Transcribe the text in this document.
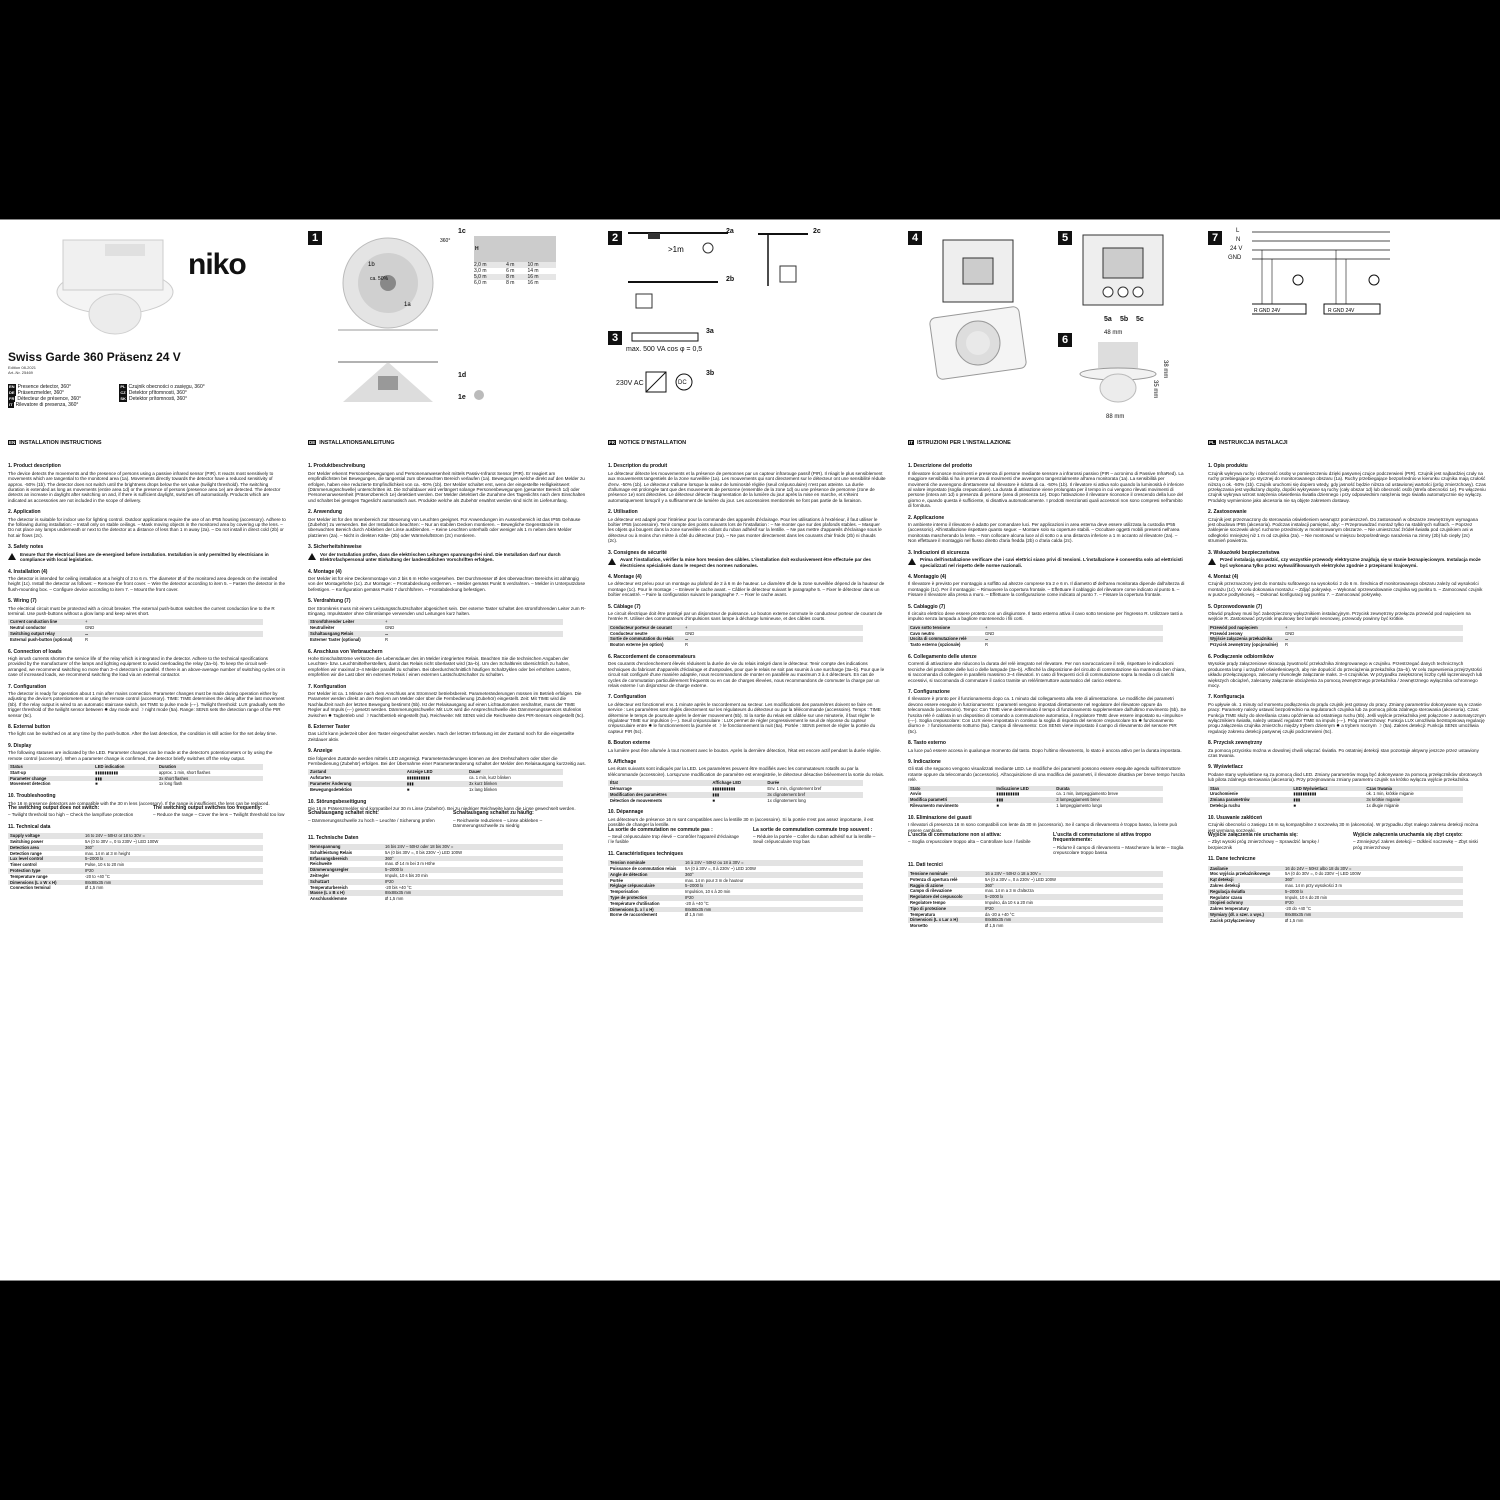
niko
Swiss Garde 360 Präsenz 24 V
Edition 08-2021
Art.-Nr. 25469
EN Presence detector, 360°
DE Präsenzmelder, 360°
FR Détecteur de présence, 360°
IT Rilevatore di presenza, 360°

PL Czujnik obecności o zasięgu, 360°
CZ Detektor přítomnosti, 360°
SK Detektor prítomnosti, 360°
1
1b
1a
360°
ca. 50%
1c
H		
2,0 m	4 m	10 m
3,0 m	6 m	14 m
5,0 m	8 m	16 m
6,0 m	8 m	16 m
1d
1e
2
>1m
2a
2b
2c
3
3a
max. 500 VA cos φ = 0,5
230V AC	DC
3b
4	5
5a 5b 5c
6
48 mm
38 mm
35 mm
88 mm
7
L
N
24 V
GND
R GND 24V	R GND 24V
EN INSTALLATION INSTRUCTIONS
1. Product description

The device detects the movements and the presence of persons using a passive infrared sensor (PIR). It reacts most sensitively to movements which are tangential to the monitored area (1a). Movements directly towards the detector have a reduced sensitivity of approx. -50% (1b). The detector does not switch until the brightness drops below the set value (twilight threshold). The switching duration is extended as long as movements (entire area 1d) or the presence of persons (presence area 1e) are detected. The detector detects an increase in daylight after switching on and, if there is sufficient daylight, switches off automatically. Products which are indicated as accessories are not included in the scope of delivery.

2. Application

The detector is suitable for indoor use for lighting control. Outdoor applications require the use of an IP55 housing (accessory). Adhere to the following during installation: – Install only on stable ceilings. – Mask moving objects in the monitored area by covering up the lens. – Do not place any lamps underneath or next to the detector at a distance of less than 1 m away (2a). – Do not install in direct cold (2b) or hot air flows (2c).

3. Safety notes

Ensure that the electrical lines are de-energised before installation. Installation is only permitted by electricians in compliance with local legislation.

4. Installation (4)

The detector is intended for ceiling installation at a height of 2 to 6 m. The diameter Ø of the monitored area depends on the installed height (1c). Install the detector as follows: – Remove the front cover. – Wire the detector according to item 5. – Fasten the detector in the flush-mounting box. – Configure device according to item 7. – Mount the front cover.

5. Wiring (7)

The electrical circuit must be protected with a circuit breaker. The external push-button switches the current conduction line to the R terminal. Use push-buttons without a glow lamp and keep wires short.

Current conduction line	+
Neutral conductor	GND
Switching output relay	⌴
External push-button (optional)	R
6. Connection of loads

High inrush currents shorten the service life of the relay which is integrated in the detector. Adhere to the technical specifications provided by the manufacturer of the lamps and lighting equipment to avoid overloading the relay (3a–b). To keep the circuit well-arranged, we recommend switching no more than 3–4 detectors in parallel. If there is an above-average number of switching cycles or in case of increased loads, we recommend switching the load via an external contactor.

7. Configuration

The detector is ready for operation about 1 min after mains connection. Parameter changes must be made during operation either by adjusting the device's potentiometers or using the remote control (accessory). TIME: TIME determines the delay after the last movement (5b). If the relay output is wired to an automatic staircase switch, set TIME to pulse mode (⌐⌐). Twilight threshold: LUX gradually sets the trigger threshold of the twilight sensor between ✸ day mode and ☽ night mode (5a). Range: SENS sets the detection range of the PIR sensor (5c).

8. External button

The light can be switched on at any time by the push-button. After the last detection, the condition is still active for the set delay time.

9. Display

The following statuses are indicated by the LED. Parameter changes can be made at the detector's potentiometers or by using the remote control (accessory). When a parameter change is confirmed, the detector briefly switches off the relay output.

Status	LED indication	Duration
Start-up	▮▮▮▮▮▮▮▮▮▮	approx. 1 min, short flashes
Parameter change	▮▮▮	3x short flashes
Movement detection	■	1x long flash
10. Troubleshooting

The 16 m presence detectors are compatible with the 30 m lens (accessory). If the range is insufficient, the lens can be replaced.

The switching output does not switch:

– Twilight threshold too high – Check the lamp/fuse protection

The switching output switches too frequently:

– Reduce the range – Cover the lens – Twilight threshold too low

11. Technical data
Supply voltage	16 to 24V – 50Hz or 18 to 30V =
Switching power	5A (0 to 30V =, 0 to 230V ~) LED 100W
Detection area	360°
Detection range	max. 14 m at 3 m height
Lux level control	5–2000 lx
Timer control	Pulse, 10 s to 20 min
Protection type	IP20
Temperature range	-20 to +40 °C
Dimensions (L x W x H)	88x88x35 mm
Connection terminal	Ø 1,5 mm
DE INSTALLATIONSANLEITUNG
1. Produktbeschreibung

Der Melder erkennt Personenbewegungen und Personenanwesenheit mittels Passiv-Infrarot Sensor (PIR). Er reagiert am empfindlichsten bei Bewegungen, die tangential zum überwachten Bereich verlaufen (1a). Bewegungen welche direkt auf den Melder zu erfolgen, haben eine reduzierte Empfindlichkeit von ca. -50% (1b). Der Melder schaltet erst, wenn der eingestellte Helligkeitswert (Dämmerungsschwelle) unterschritten ist. Die Schaltdauer wird verlängert solange Personenbewegungen (gesamter Bereich 1d) oder Personenanwesenheit (Präsenzbereich 1e) detektiert werden. Der Melder detektiert die Zunahme des Tageslichts nach dem Einschalten und schaltet bei genügen Tageslicht automatisch aus. Produkte welche als Zubehör erwähnt werden sind nicht im Lieferumfang.

2. Anwendung

Der Melder ist für den Innenbereich zur Steuerung von Leuchten geeignet. Für Anwendungen im Aussenbereich ist das IP55 Gehäuse (Zubehör) zu verwenden. Bei der Installation beachten: – Nur an stabilen Decken montieren. – Bewegliche Gegenstände im überwachten Bereich durch Abkleben der Linse ausblenden. – Keine Leuchten unterhalb oder weniger als 1 m neben dem Melder platzieren (2a). – Nicht in direkten Kälte- (2b) oder Wärmeluftstrom (2c) montieren.

3. Sicherheitshinweise

Vor der Installation prüfen, dass die elektrischen Leitungen spannungsfrei sind. Die Installation darf nur durch Elektrofachpersonal unter Einhaltung der landesüblichen Vorschriften erfolgen.

4. Montage (4)

Der Melder ist für eine Deckenmontage von 2 bis 6 m Höhe vorgesehen. Der Durchmesser Ø des überwachten Bereichs ist abhängig von der Montagehöhe (1c). Zur Montage: – Frontabdeckung entfernen. – Melder gemäss Punkt 5 verdrahten. – Melder in Unterputzdose befestigen. – Konfiguration gemäss Punkt 7 durchführen. – Frontabdeckung befestigen.

5. Verdrahtung (7)

Der Stromkreis muss mit einem Leistungsschutzschalter abgesichert sein. Der externe Taster schaltet den stromführenden Leiter zum R-Eingang. Impulstaster ohne Glimmlampe verwenden und Leitungen kurz halten.

Stromführender Leiter	+
Neutralleiter	GND
Schaltausgang Relais	⌴
Externer Taster (optional)	R
6. Anschluss von Verbrauchern

Hohe Einschaltströme verkürzen die Lebensdauer des im Melder integrierten Relais. Beachten Sie die technischen Angaben der Leuchten- bzw. Leuchtmittelherstellers, damit das Relais nicht überlastet wird (3a–b). Um den Schaltkreis übersichtlich zu halten, empfehlen wir maximal 3–4 Melder parallel zu schalten. Bei überdurchschnittlich häufigen Schaltzyklen oder bei erhöhten Lasten, empfehlen wir die Last über ein externes Relais / einen externen Lastschutzschalter zu schalten.

7. Konfiguration

Der Melder ist ca. 1 Minute nach dem Anschluss ans Stromnetz betriebsbereit. Parameteränderungen müssen im Betrieb erfolgen. Die Parameter werden direkt an den Reglern am Melder oder über die Fernbedienung (Zubehör) eingestellt. Zeit: Mit TIME wird die Nachlaufzeit nach der letzten Bewegung bestimmt (5b). Ist der Relaisausgang auf einen Lichtautomaten verdrahtet, muss der TIME Regler auf Impuls (⌐⌐) gesetzt werden. Dämmerungsschwelle: Mit LUX wird die Ansprechschwelle des Dämmerungssensors stufenlos zwischen ✸ Tagbetrieb und ☽ Nachtbetrieb eingestellt (5a). Reichweite: Mit SENS wird die Reichweite des PIR-Sensors eingestellt (5c).

8. Externer Taster

Das Licht kann jederzeit über den Taster eingeschaltet werden. Nach der letzten Erfassung ist der Zustand noch für die eingestellte Zeitdauer aktiv.

9. Anzeige

Die folgenden Zustände werden mittels LED angezeigt. Parameteränderungen können an den Drehschaltern oder über die Fernbedienung (Zubehör) erfolgen. Bei der Übernahme einer Parameteränderung schaltet der Melder den Relaisausgang kurzzeitig aus.

Zustand	Anzeige LED	Dauer
Aufstarten	▮▮▮▮▮▮▮▮▮▮	ca. 1 min, kurz blinken
Parameter Änderung	▮▮▮	3x kurz blinken
Bewegungsdetektion	■	1x lang blinken
10. Störungsbeseitigung

Die 16 m Präsenzmelder sind kompatibel zur 30 m Linse (Zubehör). Bei zu niedriger Reichweite kann die Linse gewechselt werden.

Schaltausgang schaltet nicht:

– Dämmerungsschwelle zu hoch – Leuchte / Sicherung prüfen

Schaltausgang schaltet zu häufig:

– Reichweite reduzieren – Linse abkleben – Dämmerungsschwelle zu niedrig

11. Technische Daten
Nennspannung	16 bis 24V – 50Hz oder 18 bis 30V =
Schaltleistung Relais	5A (0 bis 30V =, 0 bis 230V ~) LED 100W
Erfassungsbereich	360°
Reichweite	max. Ø 14 m bei 3 m Höhe
Dämmerungsregler	5–2000 lx
Zeitregler	Impuls, 10 s bis 20 min
Schutzart	IP20
Temperaturbereich	-20 bis +40 °C
Masse (L x B x H)	88x88x35 mm
Anschlussklemme	Ø 1,5 mm
FR NOTICE D'INSTALLATION
1. Description du produit

Le détecteur détecte les mouvements et la présence de personnes par un capteur infrarouge passif (PIR). Il réagit le plus sensiblement aux mouvements tangentiels de la zone surveillée (1a). Les mouvements qui sont directement sur le détecteur ont une sensibilité réduite d'env. -50% (1b). Le détecteur s'allume lorsque la valeur de luminosité réglée (seuil crépusculaire) n'est pas atteinte. La durée d'allumage est prolongée tant que des mouvements de personne (ensemble de la zone 1d) ou une présence de personne (zone de présence 1e) sont détectées. Le détecteur détecte l'augmentation de la lumière du jour après la mise en marche, et s'éteint automatiquement lorsqu'il y a suffisamment de lumière du jour. Les accessoires mentionnés ne font pas partie de la livraison.

2. Utilisation

Le détecteur est adapté pour l'intérieur pour la commande des appareils d'éclairage. Pour les utilisations à l'extérieur, il faut utiliser le boîtier IP55 (accessoire). Tenir compte des points suivants lors de l'installation : – Ne monter que sur des plafonds stables. – Masquer les objets qui bougent dans la zone surveillée en collant du ruban adhésif sur la lentille. – Ne pas mettre d'appareils d'éclairage sous le détecteur ou à moins d'un mètre à côté du détecteur (2a). – Ne pas monter directement dans les courants d'air froids (2b) ni chauds (2c).

3. Consignes de sécurité

Avant l'installation, vérifier la mise hors tension des câbles. L'installation doit exclusivement être effectuée par des électriciens spécialisés dans le respect des normes nationales.

4. Montage (4)

Le détecteur est prévu pour un montage au plafond de 2 à 6 m de hauteur. Le diamètre Ø de la zone surveillée dépend de la hauteur de montage (1c). Pour le montage : – Enlever le cache avant. – Câbler le détecteur suivant le paragraphe 5. – Fixer le détecteur dans un boîtier encastré. – Faire la configuration suivant le paragraphe 7. – Fixer le cache avant.

5. Câblage (7)

Le circuit électrique doit être protégé par un disjoncteur de puissance. Le bouton externe commute le conducteur porteur de courant de l'entrée R. Utiliser des commutateurs d'impulsions sans lampe à décharge lumineuse, et des câbles courts.

Conducteur porteur de courant	+
Conducteur neutre	GND
Sortie de commutation du relais	⌴
Bouton externe (en option)	R
6. Raccordement de consommateurs

Des courants d'enclenchement élevés réduisent la durée de vie du relais intégré dans le détecteur. Tenir compte des indications techniques du fabricant d'appareils d'éclairage et d'ampoules, pour que le relais ne soit pas soumis à une surcharge (3a–b). Pour que le circuit soit configuré d'une manière adaptée, nous recommandons de monter en parallèle au maximum 3 à 4 détecteurs. En cas de cycles de commutation particulièrement fréquents ou en cas de charges élevées, nous recommandons de commuter la charge par un relais externe / un disjoncteur de charge externe.

7. Configuration

Le détecteur est fonctionnel env. 1 minute après le raccordement au secteur. Les modifications des paramètres doivent se faire en service : Les paramètres sont réglés directement sur les régulateurs du détecteur ou par la télécommande (accessoire). Temps : TIME détermine le temps de poursuite après le dernier mouvement (5b). Si la sortie du relais est câblée sur une minuterie, il faut régler le régulateur TIME sur impulsion (⌐⌐). Seuil crépusculaire : LUX permet de régler progressivement le seuil de réponse du capteur crépusculaire entre ✸ le fonctionnement la journée et ☽ le fonctionnement la nuit (5a). Portée : SENS permet de régler la portée du capteur PIR (5c).

8. Bouton externe

La lumière peut être allumée à tout moment avec le bouton. Après la dernière détection, l'état est encore actif pendant la durée réglée.

9. Affichage

Les états suivants sont indiqués par la LED. Les paramètres peuvent être modifiés avec les commutateurs rotatifs ou par la télécommande (accessoire). Lorsqu'une modification de paramètre est enregistrée, le détecteur désactive brièvement la sortie du relais.

État	Affichage LED	Durée
Démarrage	▮▮▮▮▮▮▮▮▮▮	Env. 1 min, clignotement bref
Modification des paramètres	▮▮▮	3x clignotement bref
Détection de mouvements	■	1x clignotement long
10. Dépannage

Les détecteurs de présence 16 m sont compatibles avec la lentille 30 m (accessoire). Si la portée n'est pas assez importante, il est possible de changer la lentille.

La sortie de commutation ne commute pas :

– Seuil crépusculaire trop élevé – Contrôler l'appareil d'éclairage / le fusible

La sortie de commutation commute trop souvent :

– Réduire la portée – Coller du ruban adhésif sur la lentille – Seuil crépusculaire trop bas

11. Caractéristiques techniques
Tension nominale	16 à 24V – 50Hz ou 18 à 30V =
Puissance de commutation relais	5A (0 à 30V =, 0 à 230V ~) LED 100W
Angle de détection	360°
Portée	max. 14 m pour 3 m de hauteur
Réglage crépusculaire	5–2000 lx
Temporisation	Impulsion, 10 s à 20 min
Type de protection	IP20
Température d'utilisation	-20 à +40 °C
Dimensions (L x l x H)	88x88x35 mm
Borne de raccordement	Ø 1,5 mm
IT ISTRUZIONI PER L'INSTALLAZIONE
1. Descrizione del prodotto

Il rilevatore riconosce movimenti e presenza di persone mediante sensore a infrarossi passivo (PIR – acronimo di Passive InfraRed). La maggiore sensibilità si ha in presenza di movimenti che avvengono tangenzialmente all'area monitorata (1a). La sensibilità per movimenti che avvengono direttamente sul rilevatore è ridotta di ca. -50% (1b). Il rilevatore si attiva solo quando la luminosità è inferiore al valore impostato (soglia crepuscolare). La durata di attivazione viene prolungata per il tempo in cui vengono rilevati movimenti di persone (intera am 1d) o presenza di persone (area di presenza 1e). Dopo l'attivazione il rilevatore riconosce il crescendo della luce del giorno e, quando questa è sufficiente, si disattiva automaticamente. I prodotti menzionati quali accessori non sono compresi nell'ambito di fornitura.

2. Applicazione

In ambiente interno il rilevatore è adatto per comandare luci. Per applicazioni in area esterna deve essere utilizzata la custodia IP55 (accessorio). All'installazione rispettare quanto segue: – Montare solo su coperture stabili. – Occultare oggetti mobili presenti nell'area monitorata mascherando la lente. – Non collocare alcuna luce al di sotto o a una distanza inferiore a 1 m accanto al rilevatore (2a). – Non effettuare il montaggio nel flusso diretto d'aria fredda (2b) o d'aria calda (2c).

3. Indicazioni di sicurezza

Prima dell'installazione verificare che i cavi elettrici siano privi di tensioni. L'installazione è consentita solo ad elettricisti specializzati nel rispetto delle norme nazionali.

4. Montaggio (4)

Il rilevatore è previsto per montaggio a soffitto ad altezze comprese tra 2 e 6 m. Il diametro Ø dell'area monitorata dipende dall'altezza di montaggio (1c). Per il montaggio: – Rimuovere la copertura frontale. – Effettuare il cablaggio del rilevatore come indicato al punto 5. – Fissare il rilevatore alla presa a muro. – Effettuare la configurazione come indicato al punto 7. – Fissare la copertura frontale.

5. Cablaggio (7)

Il circuito elettrico deve essere protetto con un disgiuntore. Il tasto esterno attiva il cavo sotto tensione per l'ingresso R. Utilizzare tasti a impulso senza lampada a bagliore mantenendo i fili corti.

Cavo sotto tensione	+
Cavo neutro	GND
Uscita di commutazione relè	⌴
Tasto esterno (opzionale)	R
6. Collegamento delle utenze

Correnti di attivazione alte riducono la durata del relè integrato nel rilevatore. Per non sovraccaricare il relè, rispettare le indicazioni tecniche del produttore delle luci o delle lampade (3a–b). Affinché la disposizione del circuito di commutazione sia mantenuta ben chiara, si raccomanda di collegare in parallelo massimo 3–4 rilevatori. In caso di frequenti cicli di commutazione sopra la media o di carichi eccessivi, si raccomanda di commutare il carico tramite un relè/interruttore automatico del carico esterno.

7. Configurazione

Il rilevatore è pronto per il funzionamento dopo ca. 1 minuto dal collegamento alla rete di alimentazione. Le modifiche dei parametri devono essere eseguite in funzionamento: I parametri vengono impostati direttamente nel regolatore del rilevatore oppure da telecomando (accessorio). Tempo: Con TIME viene determinato il tempo di funzionamento supplementare dall'ultimo movimento (5b). Se l'uscita relè è cablata in un dispositivo di comando a commutazione automatica, il regolatore TIME deve essere impostato su «impulso» (⌐⌐). Soglia crepuscolare: Con LUX viene impostata in continuo la soglia di risposta del sensore crepuscolare tra ✸ funzionamento diurno e ☽ funzionamento notturno (5a). Campo di rilevamento: Con SENS viene impostato il campo di rilevamento del sensore PIR (5c).

8. Tasto esterno

La luce può essere accesa in qualunque momento dal tasto. Dopo l'ultimo rilevamento, lo stato è ancora attivo per la durata impostata.

9. Indicazione

Gli stati che seguono vengono visualizzati mediante LED. Le modifiche dei parametri possono essere eseguite agendo sull'interruttore rotante oppure da telecomando (accessorio). All'acquisizione di una modifica dei parametri, il rilevatore disattiva per breve tempo l'uscita relè.

Stato	Indicazione LED	Durata
Avvio	▮▮▮▮▮▮▮▮▮▮	ca. 1 min, lampeggiamento breve
Modifica parametri	▮▮▮	3 lampeggiamenti brevi
Rilevamento movimento	■	1 lampeggiamento lungo
10. Eliminazione dei guasti

I rilevatori di presenza 16 m sono compatibili con lente da 30 m (accessorio). Se il campo di rilevamento è troppo basso, la lente può essere cambiata.

L'uscita di commutazione non si attiva:

– Soglia crepuscolare troppo alta – Controllare luce / fusibile

L'uscita di commutazione si attiva troppo frequentemente:

– Ridurre il campo di rilevamento – Mascherare la lente – Soglia crepuscolare troppo bassa

11. Dati tecnici
Tensione nominale	16 a 24V – 50Hz o 18 a 30V =
Potenza di apertura relè	5A (0 a 30V =, 0 a 230V ~) LED 100W
Raggio di azione	360°
Campo di rilevazione	max. 14 m a 3 m d'altezza
Regolatore del crepuscolo	5–2000 lx
Regolatore tempo	Impulso, da 10 s a 20 min
Tipo di protezione	IP20
Temperatura	da -20 a +40 °C
Dimensioni (L x Lar x H)	88x88x35 mm
Morsetto	Ø 1,5 mm
PL INSTRUKCJA INSTALACJI
1. Opis produktu

Czujnik wykrywa ruchy i obecność osoby w pomieszczeniu dzięki pasywnej czujce podczerwieni (PIR). Czujnik jest najbardziej czuły na ruchy przebiegające po stycznej do monitorowanego obszaru (1a). Ruchy przebiegające bezpośrednio w kierunku czujnika mają czułość niższą o ok. -50% (1b). Czujnik uruchomi się dopiero wtedy, gdy jasność będzie niższa od ustawionej wartości (próg zmierzchowy). Czas przełączania jest wydłużany dopóty, dopóki wykrywane są ruchy (cały obszar 1d) lub obecność osób (strefa obecności 1e). Po włączeniu czujnik wykrywa wzrost natężenia oświetlenia światła dziennego i przy odpowiednim natężeniu tego światła automatycznie się wyłączy. Produkty wymienione jako akcesoria nie są objęte zakresem dostawy.

2. Zastosowanie

Czujnik jest przeznaczony do sterowania oświetleniem wewnątrz pomieszczeń. Do zastosowań w obszarze zewnętrznym wymagana jest obudowa IP55 (akcesoria). Podczas instalacji pamiętać, aby: – Przeprowadzać montaż tylko na stabilnych sufitach. – Poprzez zaklejenie soczewki ukryć ruchome przedmioty w monitorowanym obszarze. – Nie umieszczać źródeł światła pod czujnikiem ani w odległości mniejszej niż 1 m od czujnika (2a). – Nie montować w miejscu bezpośredniego narażenia na zimny (2b) lub ciepły (2c) strumień powietrza.

3. Wskazówki bezpieczeństwa

Przed instalacją sprawdzić, czy wszystkie przewody elektryczne znajdują się w stanie beznapięciowym. Instalacja może być wykonana tylko przez wykwalifikowanych elektryków zgodnie z przepisami krajowymi.

4. Montaż (4)

Czujnik przeznaczony jest do montażu sufitowego na wysokości 2 do 6 m. Średnica Ø monitorowanego obszaru zależy od wysokości montażu (1c). W celu dokonania montażu: – Zdjąć pokrywkę. – Wykonać oprzewodowanie czujnika wg punktu 5. – Zamocować czujnik w puszce podtynkowej. – Dokonać konfiguracji wg punktu 7. – Zamocować pokrywkę.

5. Oprzewodowanie (7)

Obwód prądowy musi być zabezpieczony wyłącznikiem instalacyjnym. Przycisk zewnętrzny przełącza przewód pod napięciem na wejście R. Zastosować przycisk impulsowy bez lampki neonowej, przewody powinny być krótkie.

Przewód pod napięciem	+
Przewód zerowy	GND
Wyjście załączenia przekaźnika	⌴
Przycisk zewnętrzny (opcjonalnie)	R
6. Podłączenie odbiorników

Wysokie prądy załączeniowe skracają żywotność przekaźnika zintegrowanego w czujniku. Przestrzegać danych technicznych producenta lamp i urządzeń oświetleniowych, aby nie dopuścić do przeciążenia przekaźnika (3a–b). W celu zapewnienia przejrzystości układu przełączającego, zalecamy równoległe załączanie maks. 3–4 czujników. W przypadku zwiększonej liczby cykli łączeniowych lub większych obciążeń, zalecamy załączanie obciążenia za pomocą zewnętrznego przekaźnika / zewnętrznego wyłącznika ochronnego mocy.

7. Konfiguracja

Po upływie ok. 1 minuty od momentu podłączenia do prądu czujnik jest gotowy do pracy. Zmiany parametrów dokonywane są w czasie pracy: Parametry należy ustawić bezpośrednio na regulatorach czujnika lub za pomocą pilota zdalnego sterowania (akcesoria). Czas: Funkcja TIME służy do określania czasu opóźnienia od ostatniego ruchu (5b). Jeśli wyjście przekaźnika jest połączone z automatycznym wyłącznikiem światła, należy ustawić regulator TIME na impuls (⌐⌐). Próg zmierzchowy: Funkcja LUX umożliwia bezstopniową regulację progu załączenia czujnika zmierzchu między trybem dziennym ✸ a trybem nocnym ☽ (5a). Zakres detekcji: Funkcja SENS umożliwia regulację zakresu detekcji pasywnej czujki podczerwieni (5c).

8. Przycisk zewnętrzny

Za pomocą przycisku można w dowolnej chwili włączać światła. Po ostatniej detekcji stan pozostaje aktywny jeszcze przez ustawiony czas trwania.

9. Wyświetlacz

Podane stany wyświetlane są za pomocą diod LED. Zmiany parametrów mogą być dokonywane za pomocą przełączników obrotowych lub pilota zdalnego sterowania (akcesoria). Przy przejmowaniu zmiany parametru czujnik na krótko wyłącza wyjście przekaźnika.

Stan	LED Wyświetlacz	Czas trwania
Uruchomienie	▮▮▮▮▮▮▮▮▮▮	ok. 1 min, krótkie miganie
Zmiana parametrów	▮▮▮	3x krótkie miganie
Detekcja ruchu	■	1x długie miganie
10. Usuwanie zakłóceń

Czujniki obecności o zasięgu 16 m są kompatybilne z soczewką 30 m (akcesoria). W przypadku zbyt małego zakresu detekcji można jest wymiana soczewki.

Wyjście załączenia nie uruchamia się:

– Zbyt wysoki próg zmierzchowy – Sprawdzić lampkę / bezpiecznik

Wyjście załączenia uruchamia się zbyt często:

– Zmniejszyć zakres detekcji – Odkleić soczewkę – Zbyt niski próg zmierzchowy

11. Dane techniczne
Zasilanie	16 do 24V – 50Hz albo 18 do 30V =
Moc wyjścia przekaźnikowego	5A (0 do 30V =, 0 do 230V ~) LED 100W
Kąt detekcji	360°
Zakres detekcji	max. 14 m przy wysokości 3 m
Regulacja światła	5–2000 lx
Regulator czasu	Impuls, 10 s do 20 min
Stopień ochrony	IP20
Zakres temperatury	-20 do +40 °C
Wymiary (dł. x szer. x wys.)	88x88x35 mm
Zacisk przyłączeniowy	Ø 1,5 mm
